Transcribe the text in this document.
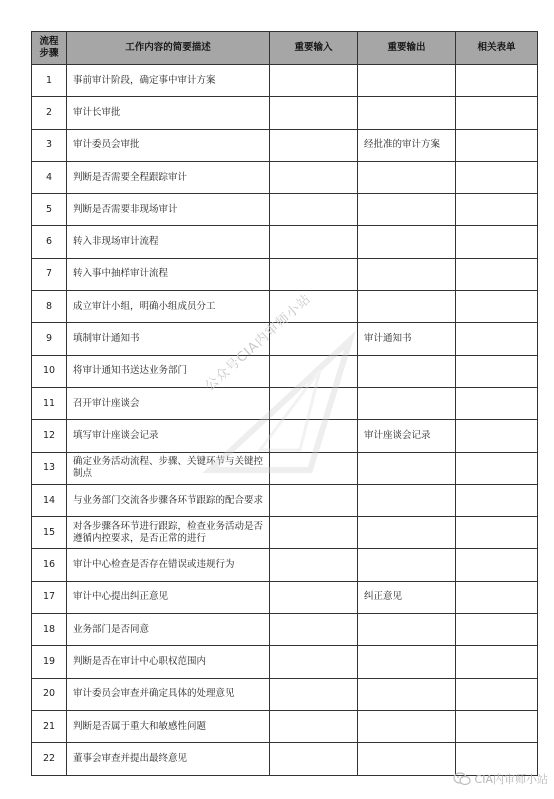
流程步骤	工作内容的简要描述	重要输入	重要输出	相关表单
1	事前审计阶段，确定事中审计方案			
2	审计长审批			
3	审计委员会审批		经批准的审计方案	
4	判断是否需要全程跟踪审计			
5	判断是否需要非现场审计			
6	转入非现场审计流程			
7	转入事中抽样审计流程			
8	成立审计小组，明确小组成员分工			
9	填制审计通知书		审计通知书	
10	将审计通知书送达业务部门			
11	召开审计座谈会			
12	填写审计座谈会记录		审计座谈会记录	
13	确定业务活动流程、步骤、关键环节与关键控制点			
14	与业务部门交流各步骤各环节跟踪的配合要求			
15	对各步骤各环节进行跟踪，检查业务活动是否遵循内控要求，是否正常的进行			
16	审计中心检查是否存在错误或违规行为			
17	审计中心提出纠正意见		纠正意见	
18	业务部门是否同意			
19	判断是否在审计中心职权范围内			
20	审计委员会审查并确定具体的处理意见			
21	判断是否属于重大和敏感性问题			
22	董事会审查并提出最终意见			
公众号CIA内审师小站
CIA内审师小站
